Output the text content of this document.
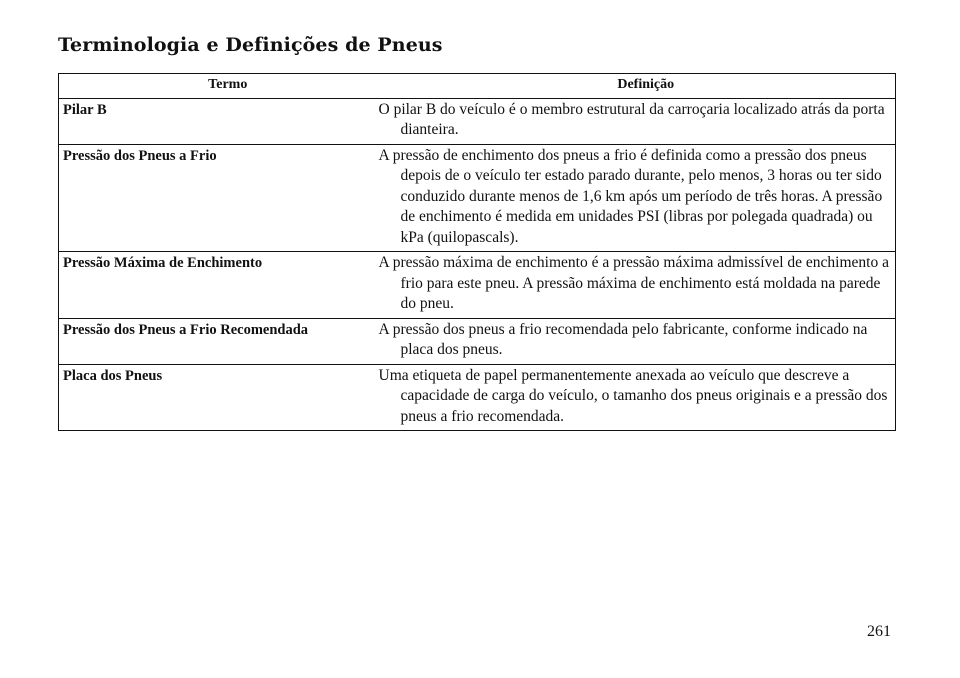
Terminologia e Definições de Pneus
Termo	Definição
Pilar B	O pilar B do veículo é o membro estrutural da carroçaria localizado atrás da porta dianteira.
Pressão dos Pneus a Frio	A pressão de enchimento dos pneus a frio é definida como a pressão dos pneus depois de o veículo ter estado parado durante, pelo menos, 3 horas ou ter sido conduzido durante menos de 1,6 km após um período de três horas. A pressão de enchimento é medida em unidades PSI (libras por polegada quadrada) ou kPa (quilopascals).
Pressão Máxima de Enchimento	A pressão máxima de enchimento é a pressão máxima admissível de enchimento a frio para este pneu. A pressão máxima de enchimento está moldada na parede do pneu.
Pressão dos Pneus a Frio Recomendada	A pressão dos pneus a frio recomendada pelo fabricante, conforme indicado na placa dos pneus.
Placa dos Pneus	Uma etiqueta de papel permanentemente anexada ao veículo que descreve a capacidade de carga do veículo, o tamanho dos pneus originais e a pressão dos pneus a frio recomendada.
261
